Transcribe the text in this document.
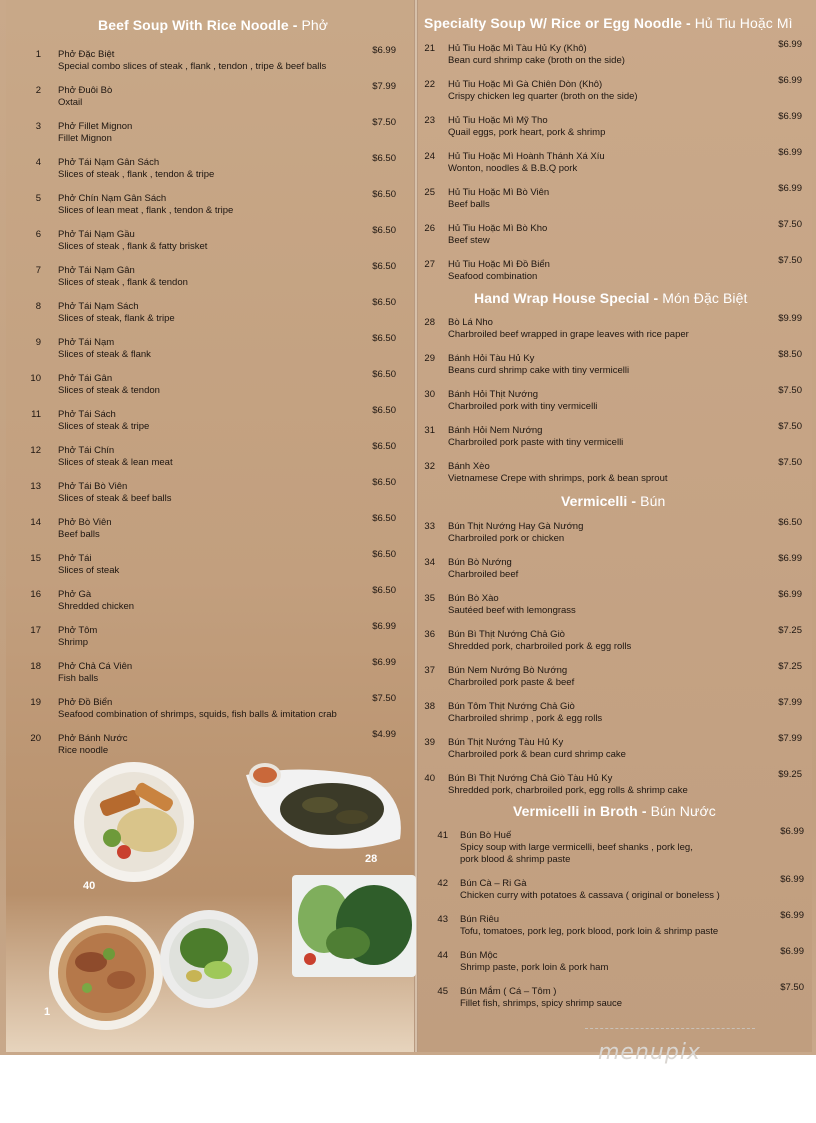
Beef Soup With Rice Noodle - Phở	Specialty Soup W/ Rice or Egg Noodle - Hủ Tiu Hoặc Mì
Hand Wrap House Special - Món Đặc Biệt
Vermicelli - Bún
Vermicelli in Broth - Bún Nước
1 Phở Đặc Biệt
Special combo slices of steak , flank , tendon , tripe & beef balls
$6.99
2 Phở Đuôi Bò
Oxtail
$7.99
3 Phở Fillet Mignon
Fillet Mignon
$7.50
4 Phở Tái Nạm Gân Sách
Slices of steak , flank , tendon & tripe
$6.50
5 Phở Chín Nạm Gân Sách
Slices of lean meat , flank , tendon & tripe
$6.50
6 Phở Tái Nạm Gầu
Slices of steak , flank & fatty brisket
$6.50
7 Phở Tái Nạm Gân
Slices of steak , flank & tendon
$6.50
8 Phở Tái Nạm Sách
Slices of steak, flank & tripe
$6.50
9 Phở Tái Nạm
Slices of steak & flank
$6.50
10 Phở Tái Gân
Slices of steak & tendon
$6.50
11 Phở Tái Sách
Slices of steak & tripe
$6.50
12 Phở Tái Chín
Slices of steak & lean meat
$6.50
13 Phở Tái Bò Viên
Slices of steak & beef balls
$6.50
14 Phở Bò Viên
Beef balls
$6.50
15 Phở Tái
Slices of steak
$6.50
16 Phở Gà
Shredded chicken
$6.50
17 Phở Tôm
Shrimp
$6.99
18 Phở Chả Cá Viên
Fish balls
$6.99
19 Phở Đồ Biển
Seafood combination of shrimps, squids, fish balls & imitation crab
$7.50
20 Phở Bánh Nước
Rice noodle
$4.99
21 Hủ Tiu Hoặc Mì Tàu Hủ Ky (Khô)
Bean curd shrimp cake (broth on the side)
$6.99
22 Hủ Tiu Hoặc Mì Gà Chiên Dòn (Khô)
Crispy chicken leg quarter (broth on the side)
$6.99
23 Hủ Tiu Hoặc Mì Mỹ Tho
Quail eggs, pork heart, pork & shrimp
$6.99
24 Hủ Tiu Hoặc Mì Hoành Thánh Xá Xíu
Wonton, noodles & B.B.Q pork
$6.99
25 Hủ Tiu Hoặc Mì Bò Viên
Beef balls
$6.99
26 Hủ Tiu Hoặc Mì Bò Kho
Beef stew
$7.50
27 Hủ Tiu Hoặc Mì Đồ Biển
Seafood combination
$7.50
28 Bò Lá Nho
Charbroiled beef wrapped in grape leaves with rice paper
$9.99
29 Bánh Hỏi Tàu Hủ Ky
Beans curd shrimp cake with tiny vermicelli
$8.50
30 Bánh Hỏi Thịt Nướng
Charbroiled pork with tiny vermicelli
$7.50
31 Bánh Hỏi Nem Nướng
Charbroiled pork paste with tiny vermicelli
$7.50
32 Bánh Xèo
Vietnamese Crepe with shrimps, pork & bean sprout
$7.50
33 Bún Thịt Nướng Hay Gà Nướng
Charbroiled pork or chicken
$6.50
34 Bún Bò Nướng
Charbroiled beef
$6.99
35 Bún Bò Xào
Sautéed beef with lemongrass
$6.99
36 Bún Bì Thịt Nướng Chả Giò
Shredded pork, charbroiled pork & egg rolls
$7.25
37 Bún Nem Nướng Bò Nướng
Charbroiled pork paste & beef
$7.25
38 Bún Tôm Thịt Nướng Chả Giò
Charbroiled shrimp , pork & egg rolls
$7.99
39 Bún Thịt Nướng Tàu Hủ Ky
Charbroiled pork & bean curd shrimp cake
$7.99
40 Bún Bì Thịt Nướng Chả Giò Tàu Hủ Ky
Shredded pork, charbroiled pork, egg rolls & shrimp cake
$9.25
41 Bún Bò Huế
Spicy soup with large vermicelli, beef shanks , pork leg,
pork blood & shrimp paste
$6.99
42 Bún Cà – Ri Gà
Chicken curry with potatoes & cassava ( original or boneless )
$6.99
43 Bún Riêu
Tofu, tomatoes, pork leg, pork blood, pork loin & shrimp paste
$6.99
44 Bún Mộc
Shrimp paste, pork loin & pork ham
$6.99
45 Bún Mắm ( Cá – Tôm )
Fillet fish, shrimps, spicy shrimp sauce
$7.50
40
28
1
menupix
